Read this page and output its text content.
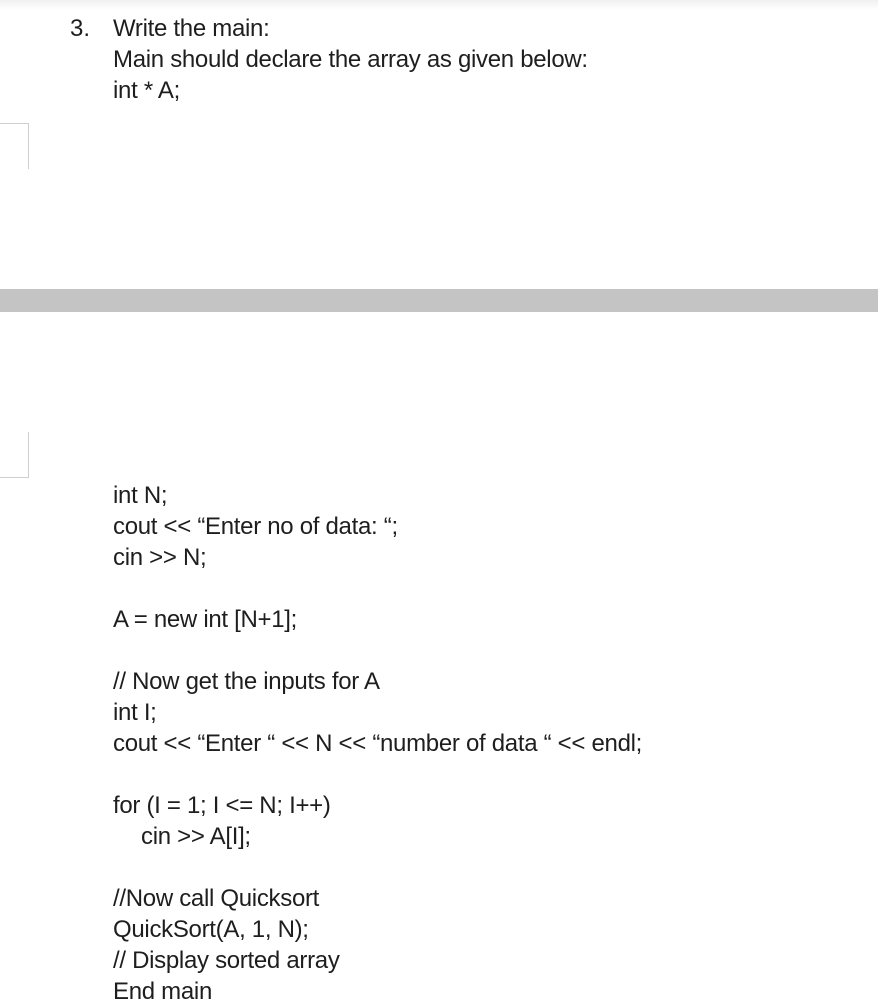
3. Write the main:
Main should declare the array as given below:
int * A;
int N;
cout << “Enter no of data: “;
cin >> N;
A = new int [N+1];
// Now get the inputs for A
int I;
cout << “Enter “ << N << “number of data “ << endl;
for (I = 1; I <= N; I++)
cin >> A[I];
//Now call Quicksort
QuickSort(A, 1, N);
// Display sorted array
End main
